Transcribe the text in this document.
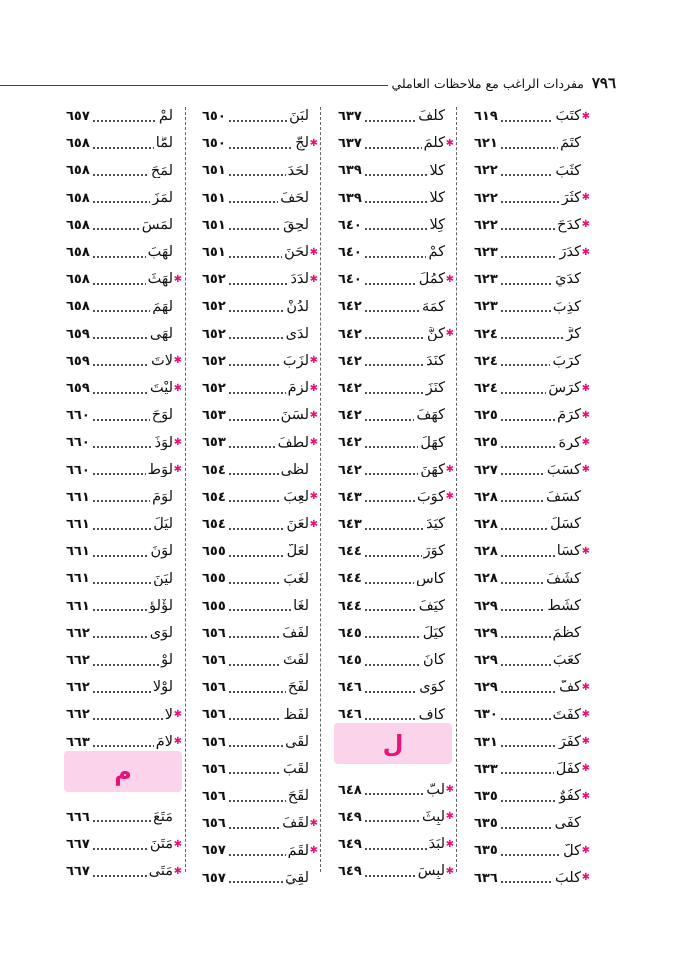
٧٩٦
مفردات الراغب مع ملاحظات العاملي
✱
كَتَبَ
٦١٩
كَتَمَ
٦٢١
كَثَبَ
٦٢٢
✱
كَثُرَ
٦٢٢
✱
كَدَحَ
٦٢٢
✱
كَدَرَ
٦٢٣
كَدَيَ
٦٢٣
كَذِبَ
٦٢٣
كَرَّ
٦٢٤
كَرَبَ
٦٢٤
✱
كَرَسَ
٦٢٤
✱
كَرَمَ
٦٢٥
✱
كَرِهَ
٦٢٥
✱
كَسَبَ
٦٢٧
كَسَفَ
٦٢٨
كَسَلَ
٦٢٨
✱
كَسَا
٦٢٨
كَشَفَ
٦٢٨
كَشَطَ
٦٢٩
كَظَمَ
٦٢٩
كَعَبَ
٦٢٩
✱
كَفَّ
٦٢٩
✱
كَفَتَ
٦٣٠
✱
كَفَرَ
٦٣١
✱
كَفَلَ
٦٣٣
✱
كُفُوٌ
٦٣٥
كَفَى
٦٣٥
✱
كُلّ
٦٣٥
✱
كَلَبَ
٦٣٦
ل
كَلَفَ
٦٣٧
✱
كَلَمَ
٦٣٧
كَلا
٦٣٩
كَلاَّ
٦٣٩
كِلا
٦٤٠
كَمْ
٦٤٠
✱
كَمُلَ
٦٤٠
كَمَهَ
٦٤٢
✱
كَنَّ
٦٤٢
كَنَدَ
٦٤٢
كَنَزَ
٦٤٢
كَهَفَ
٦٤٢
كَهَلَ
٦٤٢
✱
كَهَنَ
٦٤٢
✱
كَوَبَ
٦٤٣
كَيَدَ
٦٤٣
كَوَرَ
٦٤٤
كَأس
٦٤٤
كَيَفَ
٦٤٤
كَيَلَ
٦٤٥
كانَ
٦٤٥
كَوَى
٦٤٦
كاف
٦٤٦
✱
لَبَّ
٦٤٨
✱
لَبِثَ
٦٤٩
✱
لَبَدَ
٦٤٩
✱
لَبِسَ
٦٤٩
لَبَنَ
٦٥٠
✱
لَجَّ
٦٥٠
لَحَدَ
٦٥١
لَحَفَ
٦٥١
لَحِقَ
٦٥١
✱
لَحَنَ
٦٥١
✱
لَدَدَ
٦٥٢
لَدُنْ
٦٥٢
لَدَى
٦٥٢
✱
لَزَبَ
٦٥٢
✱
لَزِمَ
٦٥٢
✱
لَسَنَ
٦٥٣
✱
لَطُفَ
٦٥٣
لَظَى
٦٥٤
✱
لَعِبَ
٦٥٤
✱
لَعَنَ
٦٥٤
لَعَلَّ
٦٥٥
لَغَبَ
٦٥٥
لَغَا
٦٥٥
لَفَفَ
٦٥٦
لَفَتَ
٦٥٦
لَفَحَ
٦٥٦
لَفَظَ
٦٥٦
لَقَى
٦٥٦
لَقَبَ
٦٥٦
لَقَحَ
٦٥٦
✱
لَقَفَ
٦٥٦
✱
لَقَمَ
٦٥٧
لَقِيَ
٦٥٧
م
لَمْ
٦٥٧
لَمَّا
٦٥٨
لَمَحَ
٦٥٨
لَمَزَ
٦٥٨
لَمَسَ
٦٥٨
لَهَبَ
٦٥٨
✱
لَهَثَ
٦٥٨
لَهَمَ
٦٥٨
لَهَى
٦٥٩
✱
لاتَ
٦٥٩
✱
لَيْتَ
٦٥٩
لَوَحَ
٦٦٠
✱
لَوَذَ
٦٦٠
✱
لَوَطَ
٦٦٠
لَوَمَ
٦٦١
لَيَلَ
٦٦١
لَوَنَ
٦٦١
لَيَنَ
٦٦١
لُؤْلُؤ
٦٦١
لَوَى
٦٦٢
لَوْ
٦٦٢
لَوْلا
٦٦٢
✱
لا
٦٦٢
✱
لامَ
٦٦٣
مَتَعَ
٦٦٦
✱
مَتَنَ
٦٦٧
✱
مَتَى
٦٦٧
